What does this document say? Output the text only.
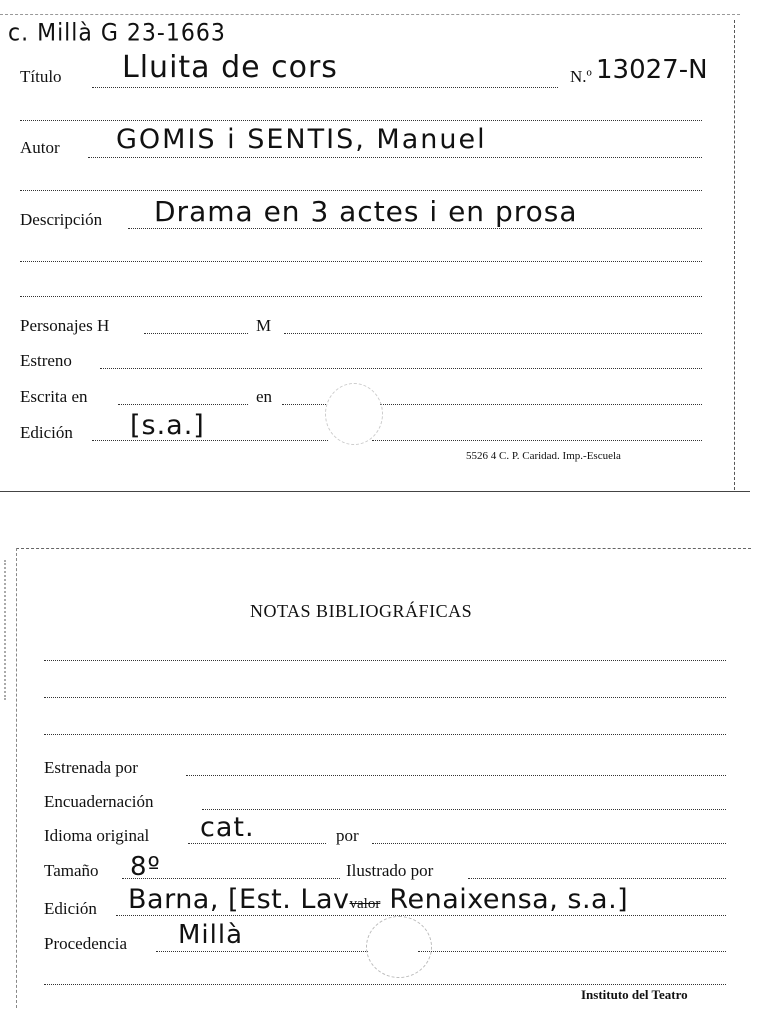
c. Millà G 23-1663
Título Lluita de cors	N.º 13027-N
Autor GOMIS i SENTIS, Manuel
Descripción Drama en 3 actes i en prosa
Personajes H	M
Estreno
Escrita en	en
Edición [s.a.]
5526 4 C. P. Caridad. Imp.-Escuela
NOTAS BIBLIOGRÁFICAS
Estrenada por
Encuadernación
Idioma original cat.	por
Tamaño 8º	Ilustrado por
Edición Barna, [Est. Lavvalor Renaixensa, s.a.]
Procedencia Millà
Instituto del Teatro
